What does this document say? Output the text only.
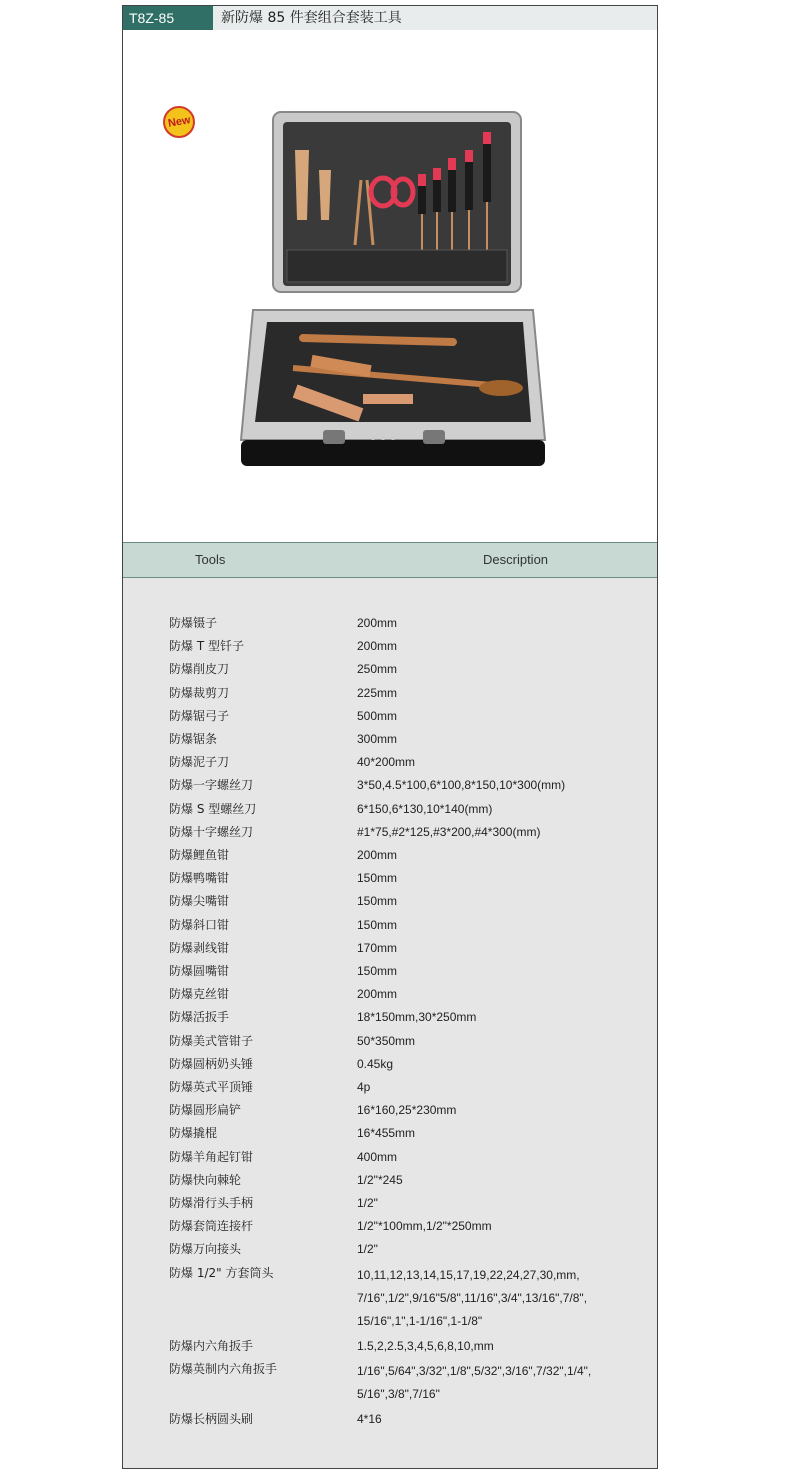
T8Z-85	新防爆 85 件套组合套装工具
New
Tools	Description
防爆镊子	200mm
防爆 T 型钎子	200mm
防爆削皮刀	250mm
防爆裁剪刀	225mm
防爆锯弓子	500mm
防爆锯条	300mm
防爆泥子刀	40*200mm
防爆一字螺丝刀	3*50,4.5*100,6*100,8*150,10*300(mm)
防爆 S 型螺丝刀	6*150,6*130,10*140(mm)
防爆十字螺丝刀	#1*75,#2*125,#3*200,#4*300(mm)
防爆鲤鱼钳	200mm
防爆鸭嘴钳	150mm
防爆尖嘴钳	150mm
防爆斜口钳	150mm
防爆剥线钳	170mm
防爆圆嘴钳	150mm
防爆克丝钳	200mm
防爆活扳手	18*150mm,30*250mm
防爆美式管钳子	50*350mm
防爆圆柄奶头锤	0.45kg
防爆英式平顶锤	4p
防爆圆形扁铲	16*160,25*230mm
防爆撬棍	16*455mm
防爆羊角起钉钳	400mm
防爆快向棘轮	1/2"*245
防爆滑行头手柄	1/2"
防爆套筒连接杆	1/2"*100mm,1/2"*250mm
防爆万向接头	1/2"
防爆 1/2" 方套筒头	10,11,12,13,14,15,17,19,22,24,27,30,mm,
7/16",1/2",9/16"5/8",11/16",3/4",13/16",7/8",
15/16",1",1-1/16",1-1/8"
防爆内六角扳手	1.5,2,2.5,3,4,5,6,8,10,mm
防爆英制内六角扳手	1/16",5/64",3/32",1/8",5/32",3/16",7/32",1/4",
5/16",3/8",7/16"
防爆长柄圆头刷	4*16
